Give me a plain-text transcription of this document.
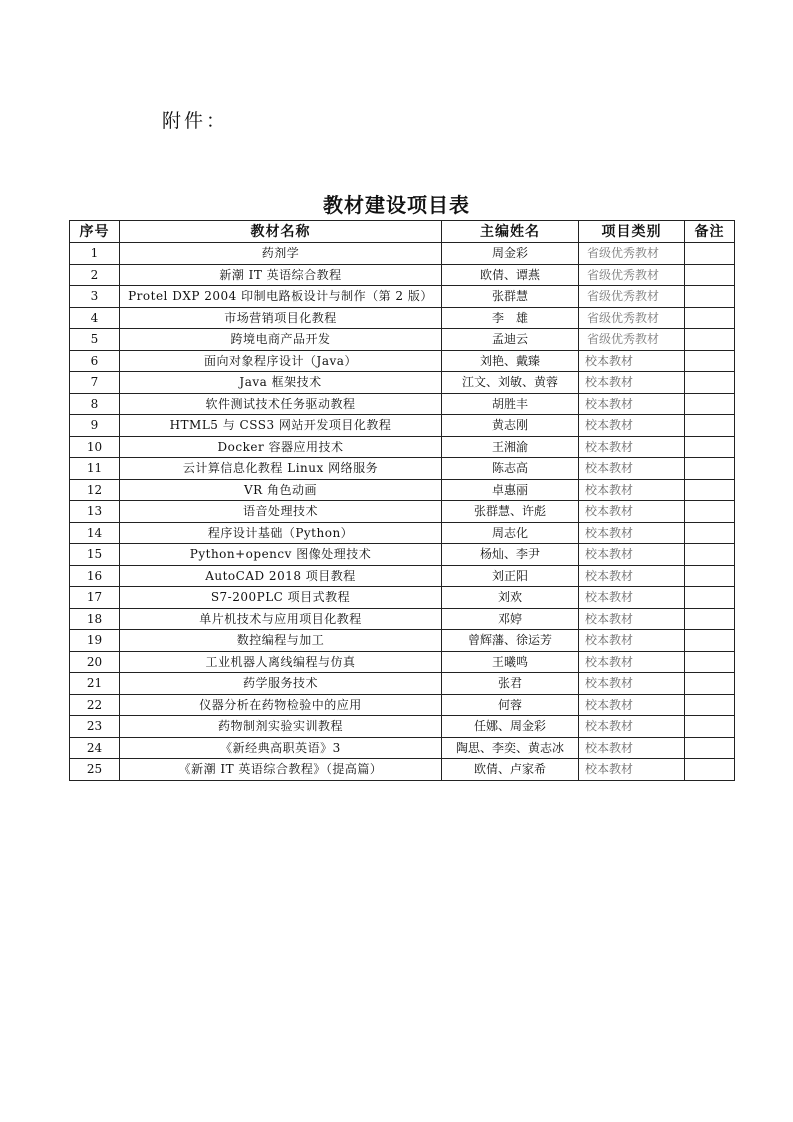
附件：
教材建设项目表
序号	教材名称	主编姓名	项目类别	备注
1	药剂学	周金彩	省级优秀教材	
2	新潮 IT 英语综合教程	欧倩、谭燕	省级优秀教材	
3	Protel DXP 2004 印制电路板设计与制作（第 2 版）	张群慧	省级优秀教材	
4	市场营销项目化教程	李　雄	省级优秀教材	
5	跨境电商产品开发	孟迪云	省级优秀教材	
6	面向对象程序设计（Java）	刘艳、戴臻	校本教材	
7	Java 框架技术	江文、刘敏、黄蓉	校本教材	
8	软件测试技术任务驱动教程	胡胜丰	校本教材	
9	HTML5 与 CSS3 网站开发项目化教程	黄志刚	校本教材	
10	Docker 容器应用技术	王湘渝	校本教材	
11	云计算信息化教程 Linux 网络服务	陈志高	校本教材	
12	VR 角色动画	卓惠丽	校本教材	
13	语音处理技术	张群慧、许彪	校本教材	
14	程序设计基础（Python）	周志化	校本教材	
15	Python+opencv 图像处理技术	杨灿、李尹	校本教材	
16	AutoCAD 2018 项目教程	刘正阳	校本教材	
17	S7-200PLC 项目式教程	刘欢	校本教材	
18	单片机技术与应用项目化教程	邓婷	校本教材	
19	数控编程与加工	曾辉藩、徐运芳	校本教材	
20	工业机器人离线编程与仿真	王曦鸣	校本教材	
21	药学服务技术	张君	校本教材	
22	仪器分析在药物检验中的应用	何蓉	校本教材	
23	药物制剂实验实训教程	任娜、周金彩	校本教材	
24	《新经典高职英语》3	陶思、李奕、黄志冰	校本教材	
25	《新潮 IT 英语综合教程》（提高篇）	欧倩、卢家希	校本教材	
